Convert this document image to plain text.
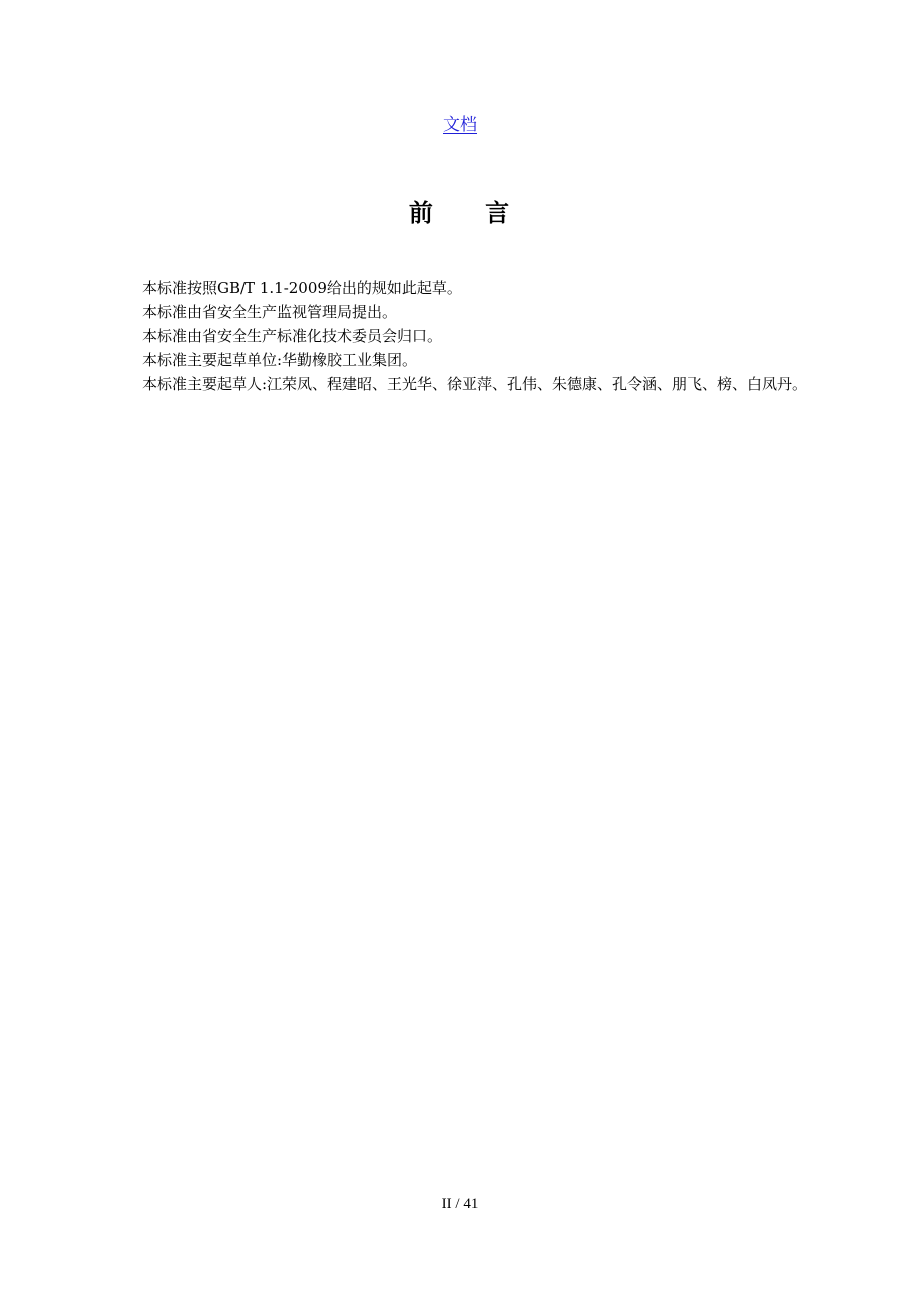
文档
前 言

本标准按照GB/T 1.1-2009给出的规如此起草。

本标准由省安全生产监视管理局提出。

本标准由省安全生产标准化技术委员会归口。

本标准主要起草单位:华勤橡胶工业集团。

本标准主要起草人:江荣凤、程建昭、王光华、徐亚萍、孔伟、朱德康、孔令涵、朋飞、榜、白凤丹。

II / 41
